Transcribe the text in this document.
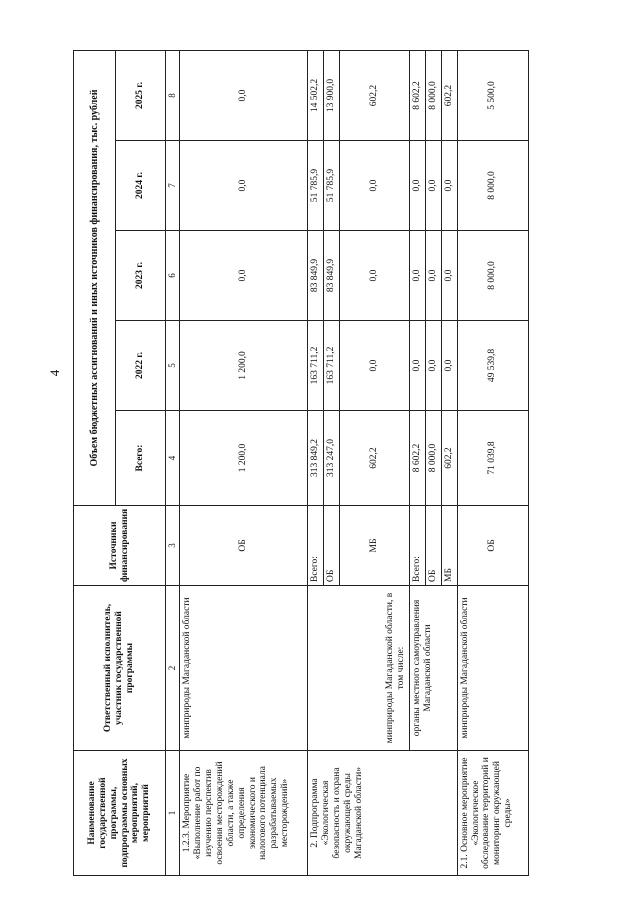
4
Наименование государственной программы, подпрограммы основных мероприятий, мероприятий	Ответственный исполнитель, участник государственной программы	Источники финансирования	Объем бюджетных ассигнований и иных источников финансирования, тыс. рублей				
			Всего:	2022 г.	2023 г.	2024 г.	2025 г.
1	2	3	4	5	6	7	8
1.2.3. Мероприятие «Выполнение работ по изучению перспектив освоения месторождений области, а также определения экономического и налогового потенциала разрабатываемых месторождений»	минприроды Магаданской области	ОБ	1 200,0	1 200,0	0,0	0,0	0,0
2. Подпрограмма «Экологическая безопасность и охрана окружающей среды Магаданской области»	минприроды Магаданской области, в том числе:	Всего:	313 849,2	163 711,2	83 849,9	51 785,9	14 502,2
		ОБ	313 247,0	163 711,2	83 849,9	51 785,9	13 900,0
		МБ	602,2	0,0	0,0	0,0	602,2
	органы местного самоуправления Магаданской области	Всего:	8 602,2	0,0	0,0	0,0	8 602,2
		ОБ	8 000,0	0,0	0,0	0,0	8 000,0
		МБ	602,2	0,0	0,0	0,0	602,2
2.1. Основное мероприятие «Экологическое обследование территорий и мониторинг окружающей среды»	минприроды Магаданской области	ОБ	71 039,8	49 539,8	8 000,0	8 000,0	5 500,0
